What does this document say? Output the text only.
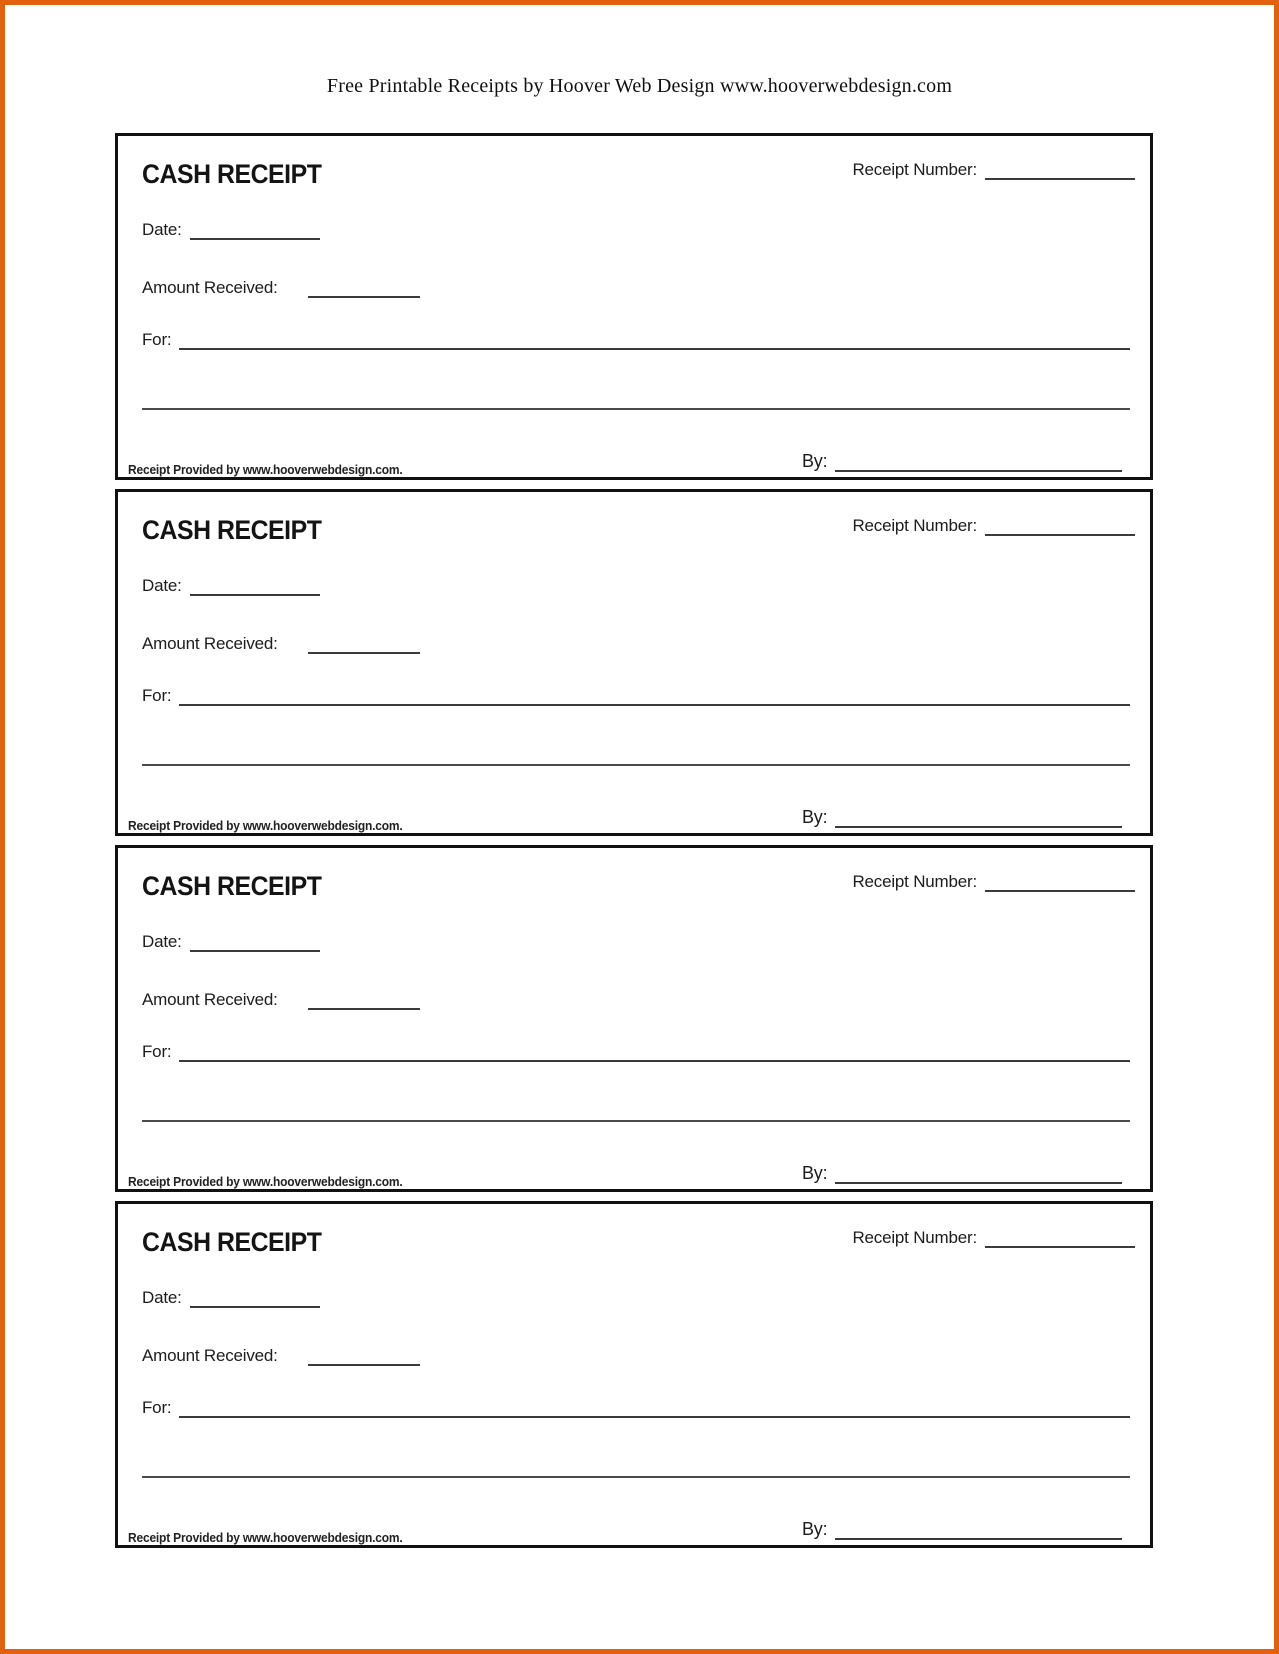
Free Printable Receipts by Hoover Web Design www.hooverwebdesign.com
CASH RECEIPT	Receipt Number:
Date:
Amount Received:
For:
Receipt Provided by www.hooverwebdesign.com.	By:
CASH RECEIPT	Receipt Number:
Date:
Amount Received:
For:
Receipt Provided by www.hooverwebdesign.com.	By:
CASH RECEIPT	Receipt Number:
Date:
Amount Received:
For:
Receipt Provided by www.hooverwebdesign.com.	By:
CASH RECEIPT	Receipt Number:
Date:
Amount Received:
For:
Receipt Provided by www.hooverwebdesign.com.	By:
